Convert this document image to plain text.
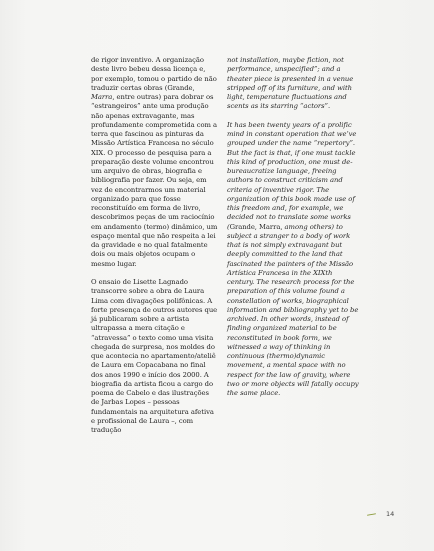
de rigor inventivo. A organização deste livro bebeu dessa licença e, por exemplo, tomou o partido de não traduzir certas obras (Grande, Marra, entre outras) para dobrar os “estrangeiros” ante uma produção não apenas extravagante, mas profundamente comprometida com a terra que fascinou as pinturas da Missão Artística Francesa no século XIX. O processo de pesquisa para a preparação deste volume encontrou um arquivo de obras, biografia e bibliografia por fazer. Ou seja, em vez de encontrarmos um material organizado para que fosse reconstituído em forma de livro, descobrimos peças de um raciocínio em andamento (termo) dinâmico, um espaço mental que não respeita a lei da gravidade e no qual fatalmente dois ou mais objetos ocupam o mesmo lugar.

O ensaio de Lisette Lagnado transcorre sobre a obra de Laura Lima com divagações polifônicas. A forte presença de outros autores que já publicaram sobre a artista ultrapassa a mera citação e “atravessa” o texto como uma visita chegada de surpresa, nos moldes do que acontecia no apartamento/ateliê de Laura em Copacabana no final dos anos 1990 e início dos 2000. A biografia da artista ficou a cargo do poema de Cabelo e das ilustrações de Jarbas Lopes – pessoas fundamentais na arquitetura afetiva e profissional de Laura –, com tradução

not installation, maybe fiction, not performance, unspecified”; and a theater piece is presented in a venue stripped off of its furniture, and with light, temperature fluctuations and scents as its starring “actors”.

It has been twenty years of a prolific mind in constant operation that we’ve grouped under the name “repertory”. But the fact is that, if one must tackle this kind of production, one must de-bureaucratize language, freeing authors to construct criticism and criteria of inventive rigor. The organization of this book made use of this freedom and, for example, we decided not to translate some works (Grande, Marra, among others) to subject a stranger to a body of work that is not simply extravagant but deeply committed to the land that fascinated the painters of the Missão Artística Francesa in the XIXth century. The research process for the preparation of this volume found a constellation of works, biographical information and bibliography yet to be archived. In other words, instead of finding organized material to be reconstituted in book form, we witnessed a way of thinking in continuous (thermo)dynamic movement, a mental space with no respect for the law of gravity, where two or more objects will fatally occupy the same place.

14
